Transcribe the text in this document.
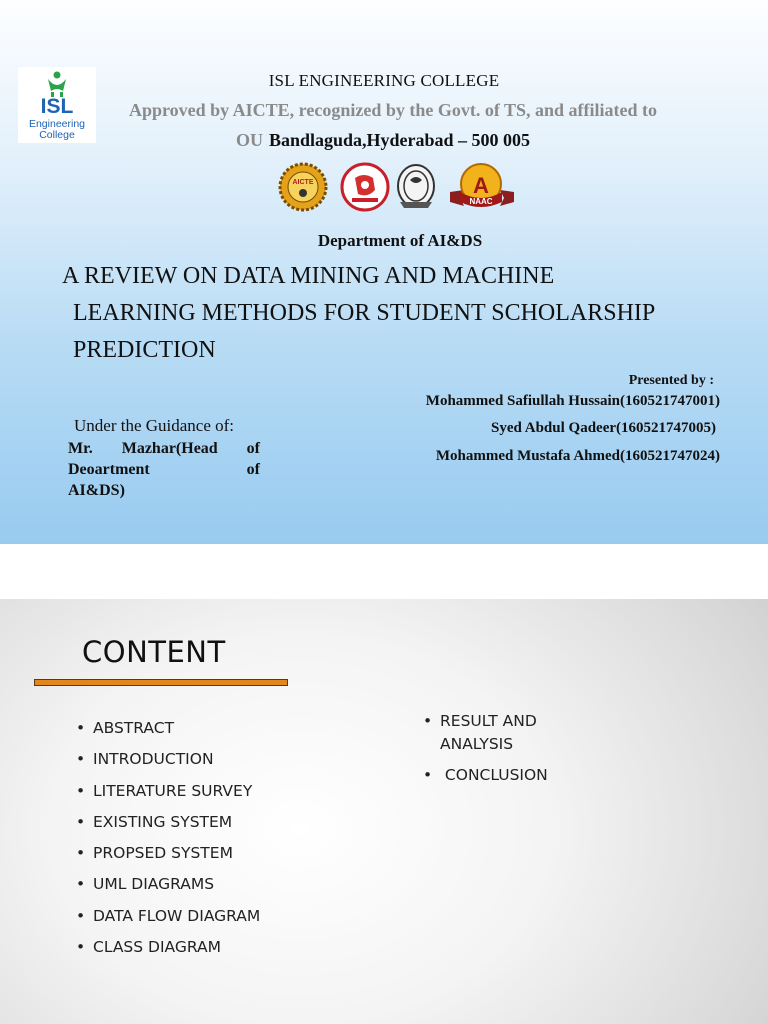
ISL
Engineering
College
ISL ENGINEERING COLLEGE
Approved by AICTE, recognized by the Govt. of TS, and affiliated to
OU Bandlaguda,Hyderabad – 500 005
AICTE	A
NAAC
Department of AI&DS
A REVIEW ON DATA MINING AND MACHINE
LEARNING METHODS FOR STUDENT SCHOLARSHIP
PREDICTION
Presented by :
Mohammed Safiullah Hussain(160521747001)
Syed Abdul Qadeer(160521747005)
Mohammed Mustafa Ahmed(160521747024)
Under the Guidance of:
Mr. Mazhar(Head of
Deoartment of
AI&DS)
CONTENT
• ABSTRACT
• INTRODUCTION
• LITERATURE SURVEY
• EXISTING SYSTEM
• PROPSED SYSTEM
• UML DIAGRAMS
• DATA FLOW DIAGRAM
• CLASS DIAGRAM
• RESULT AND ANALYSIS
• CONCLUSION
